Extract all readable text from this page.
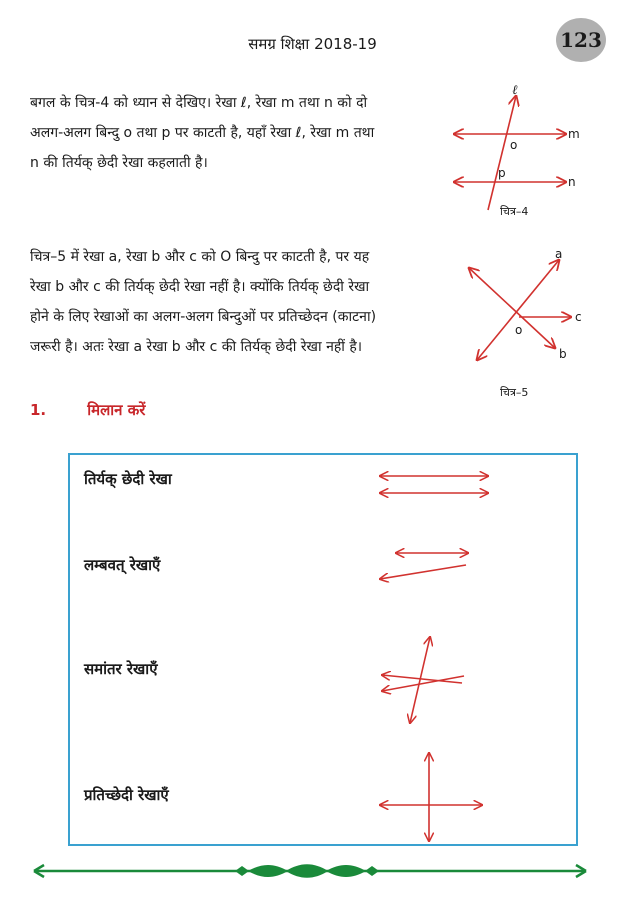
समग्र शिक्षा 2018-19	123
बगल के चित्र-4 को ध्यान से देखिए। रेखा ℓ, रेखा m तथा n को दो
अलग-अलग बिन्दु o तथा p पर काटती है, यहाँ रेखा ℓ, रेखा m तथा
n की तिर्यक् छेदी रेखा कहलाती है।
ℓ
m
n
o
p
चित्र–4
चित्र–5 में रेखा a, रेखा b और c को O बिन्दु पर काटती है, पर यह
रेखा b और c की तिर्यक् छेदी रेखा नहीं है। क्योंकि तिर्यक् छेदी रेखा
होने के लिए रेखाओं का अलग-अलग बिन्दुओं पर प्रतिच्छेदन (काटना)
जरूरी है। अतः रेखा a रेखा b और c की तिर्यक् छेदी रेखा नहीं है।
a
b
c
o
चित्र–5
1.	मिलान करें
तिर्यक् छेदी रेखा
लम्बवत् रेखाएँ
समांतर रेखाएँ
प्रतिच्छेदी रेखाएँ
